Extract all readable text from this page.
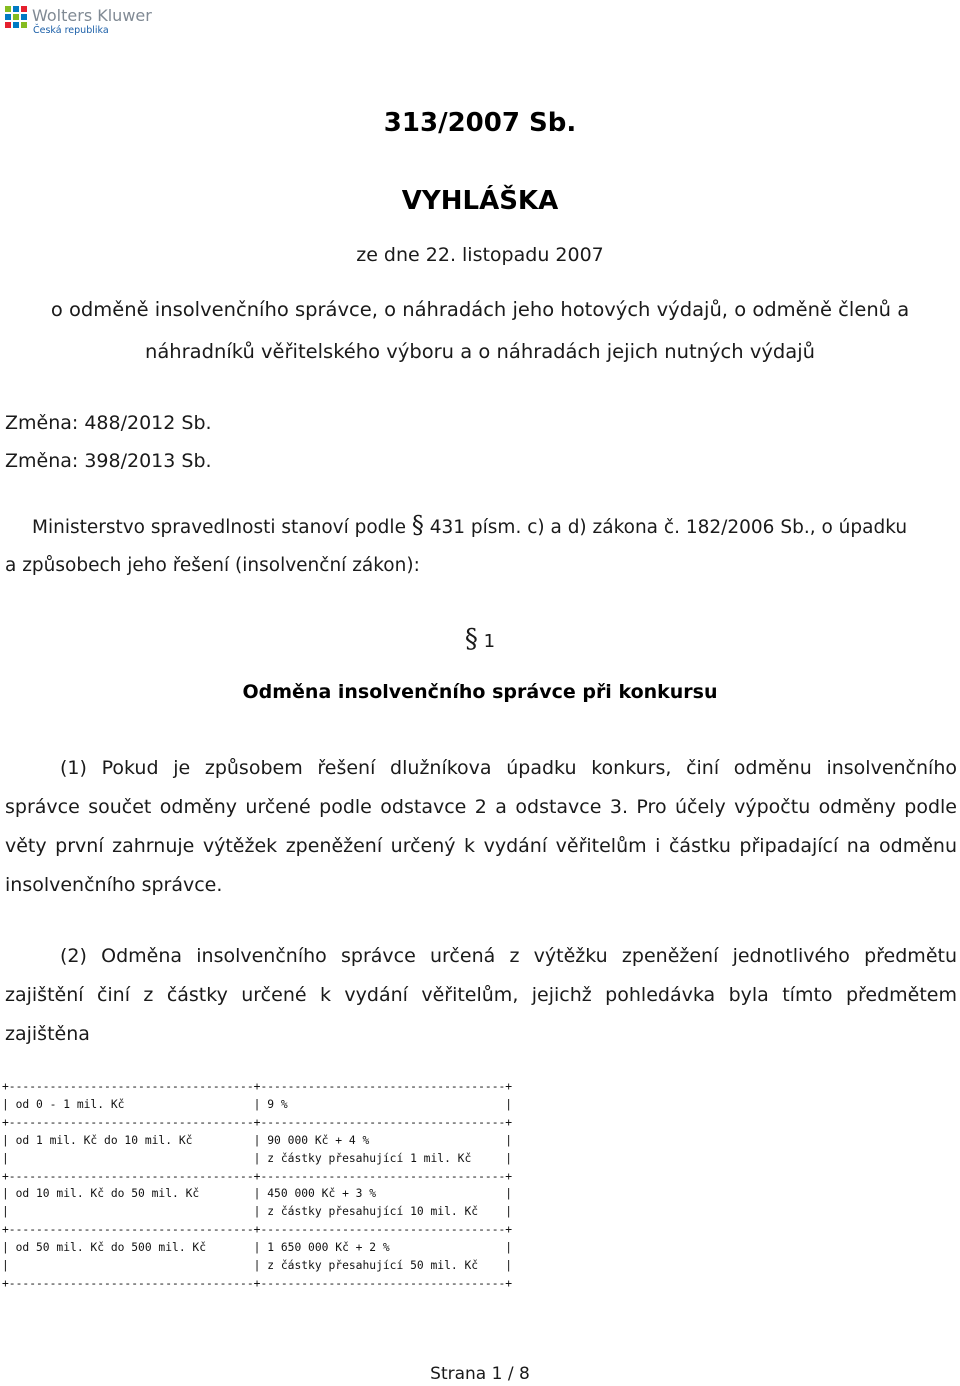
Wolters Kluwer
Česká republika
313/2007 Sb.
VYHLÁŠKA
ze dne 22. listopadu 2007
o odměně insolvenčního správce, o náhradách jeho hotových výdajů, o odměně členů a
náhradníků věřitelského výboru a o náhradách jejich nutných výdajů
Změna: 488/2012 Sb.
Změna: 398/2013 Sb.
Ministerstvo spravedlnosti stanoví podle § 431 písm. c) a d) zákona č. 182/2006 Sb., o úpadku
a způsobech jeho řešení (insolvenční zákon):
§ 1
Odměna insolvenčního správce při konkursu
(1) Pokud je způsobem řešení dlužníkova úpadku konkurs, činí odměnu insolvenčního
správce součet odměny určené podle odstavce 2 a odstavce 3. Pro účely výpočtu odměny podle
věty první zahrnuje výtěžek zpeněžení určený k vydání věřitelům i částku připadající na odměnu
insolvenčního správce.
(2) Odměna insolvenčního správce určená z výtěžku zpeněžení jednotlivého předmětu
zajištění činí z částky určené k vydání věřitelům, jejichž pohledávka byla tímto předmětem
zajištěna
+------------------------------------+------------------------------------+
| od 0 - 1 mil. Kč                   | 9 %                                |
+------------------------------------+------------------------------------+
| od 1 mil. Kč do 10 mil. Kč         | 90 000 Kč + 4 %                    |
|                                    | z částky přesahující 1 mil. Kč     |
+------------------------------------+------------------------------------+
| od 10 mil. Kč do 50 mil. Kč        | 450 000 Kč + 3 %                   |
|                                    | z částky přesahující 10 mil. Kč    |
+------------------------------------+------------------------------------+
| od 50 mil. Kč do 500 mil. Kč       | 1 650 000 Kč + 2 %                 |
|                                    | z částky přesahující 50 mil. Kč    |
+------------------------------------+------------------------------------+
Strana 1 / 8
